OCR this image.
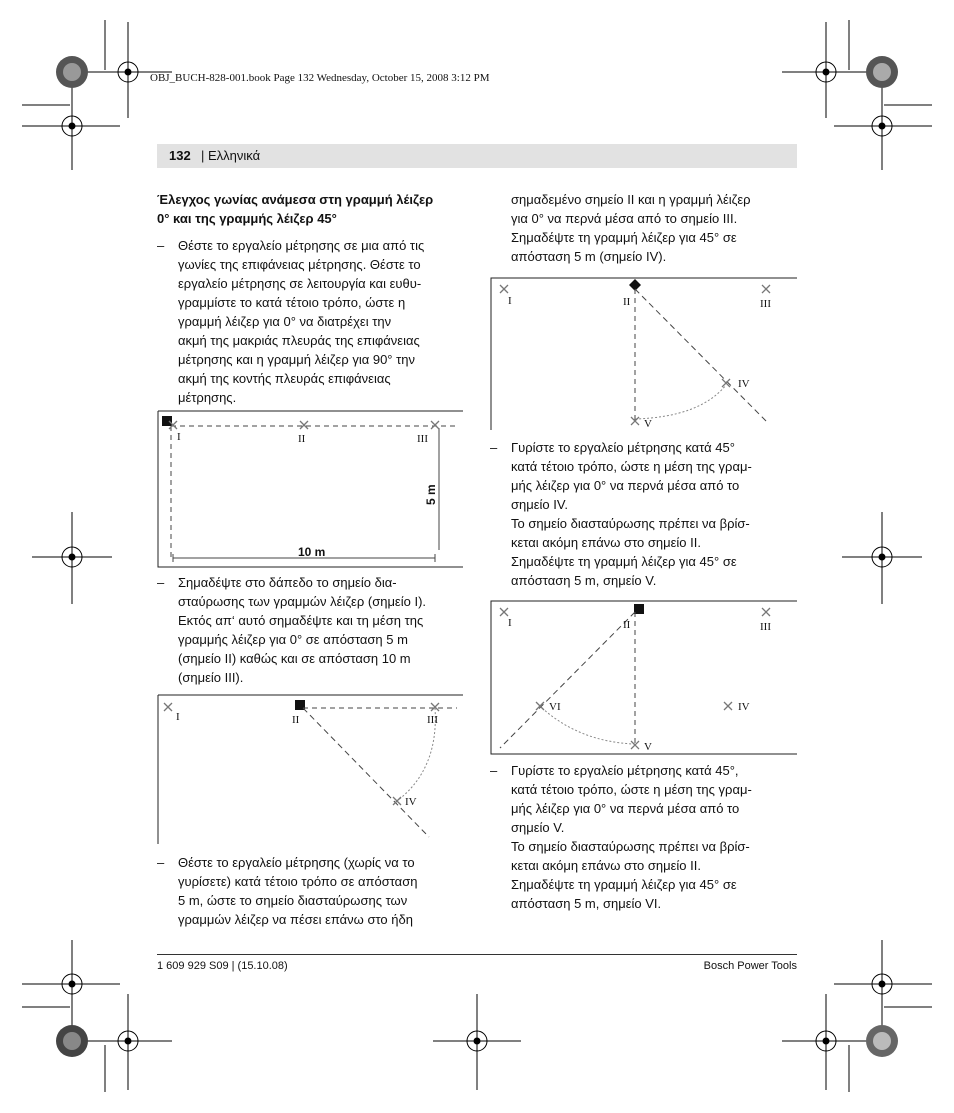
OBJ_BUCH-828-001.book Page 132 Wednesday, October 15, 2008 3:12 PM
132 | Ελληνικά
Έλεγχος γωνίας ανάμεσα στη γραμμή λέιζερ
0° και της γραμμής λέιζερ 45°
– Θέστε το εργαλείο μέτρησης σε μια από τις
γωνίες της επιφάνειας μέτρησης. Θέστε το
εργαλείο μέτρησης σε λειτουργία και ευθυ-
γραμμίστε το κατά τέτοιο τρόπο, ώστε η
γραμμή λέιζερ για 0° να διατρέχει την
ακμή της μακριάς πλευράς της επιφάνειας
μέτρησης και η γραμμή λέιζερ για 90° την
ακμή της κοντής πλευράς επιφάνειας
μέτρησης.
I	II	III
5 m
10 m
– Σημαδέψτε στο δάπεδο το σημείο δια-
σταύρωσης των γραμμών λέιζερ (σημείο I).
Εκτός απ‘ αυτό σημαδέψτε και τη μέση της
γραμμής λέιζερ για 0° σε απόσταση 5 m
(σημείο II) καθώς και σε απόσταση 10 m
(σημείο III).
I	II	III
IV
– Θέστε το εργαλείο μέτρησης (χωρίς να το
γυρίσετε) κατά τέτοιο τρόπο σε απόσταση
5 m, ώστε το σημείο διασταύρωσης των
γραμμών λέιζερ να πέσει επάνω στο ήδη
σημαδεμένο σημείο II και η γραμμή λέιζερ
για 0° να περνά μέσα από το σημείο III.
Σημαδέψτε τη γραμμή λέιζερ για 45° σε
απόσταση 5 m (σημείο IV).
I	II	III
IV
V
– Γυρίστε το εργαλείο μέτρησης κατά 45°
κατά τέτοιο τρόπο, ώστε η μέση της γραμ-
μής λέιζερ για 0° να περνά μέσα από το
σημείο IV.
Το σημείο διασταύρωσης πρέπει να βρίσ-
κεται ακόμη επάνω στο σημείο II.
Σημαδέψτε τη γραμμή λέιζερ για 45° σε
απόσταση 5 m, σημείο V.
I	II	III
IV
V
VI
– Γυρίστε το εργαλείο μέτρησης κατά 45°,
κατά τέτοιο τρόπο, ώστε η μέση της γραμ-
μής λέιζερ για 0° να περνά μέσα από το
σημείο V.
Το σημείο διασταύρωσης πρέπει να βρίσ-
κεται ακόμη επάνω στο σημείο II.
Σημαδέψτε τη γραμμή λέιζερ για 45° σε
απόσταση 5 m, σημείο VI.
1 609 929 S09 | (15.10.08)	Bosch Power Tools
